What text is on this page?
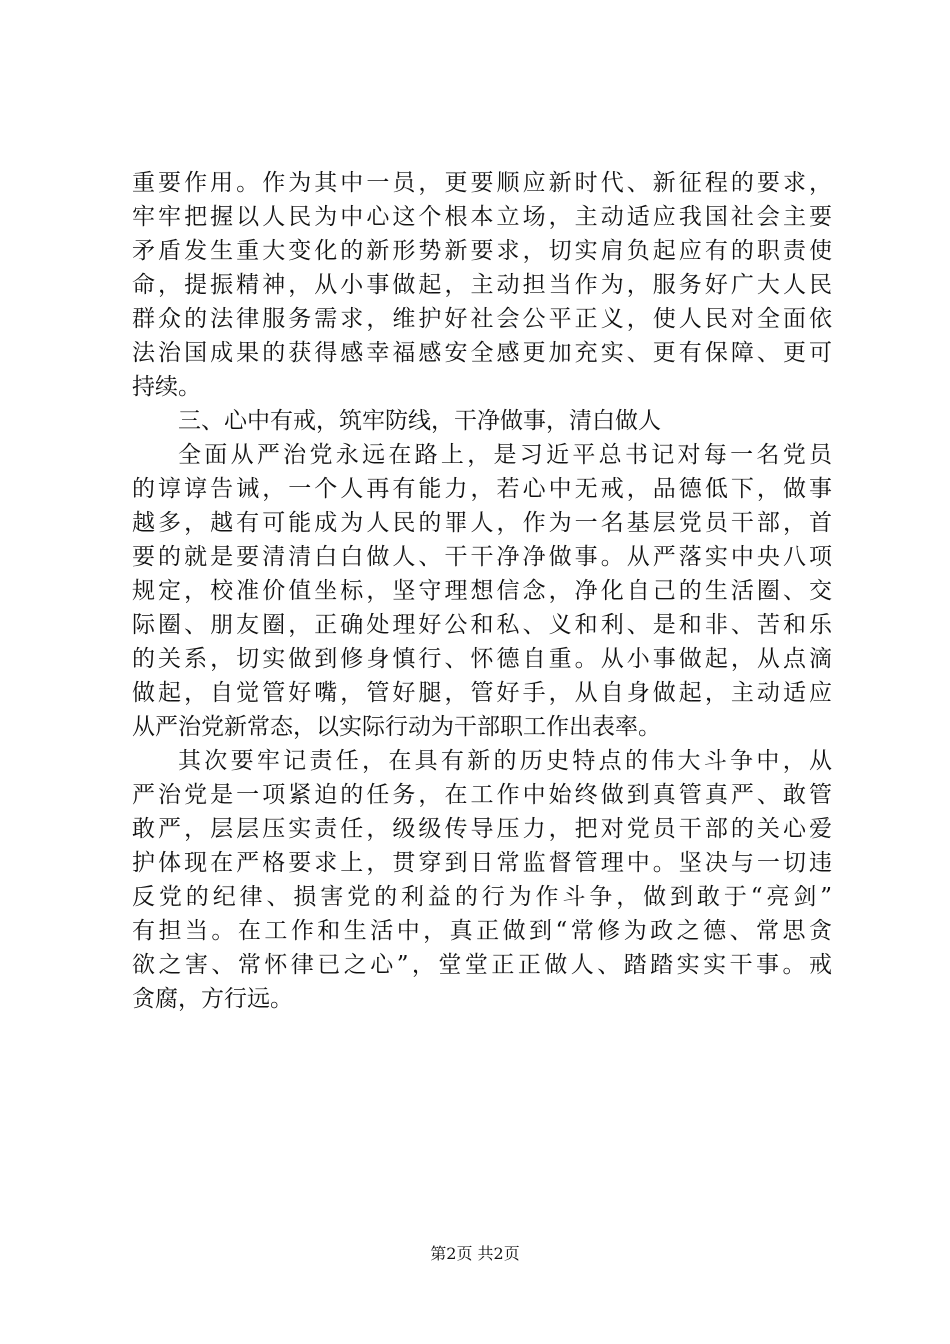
重要作用。作为其中一员，更要顺应新时代、新征程的要求，
牢牢把握以人民为中心这个根本立场，主动适应我国社会主要
矛盾发生重大变化的新形势新要求，切实肩负起应有的职责使
命，提振精神，从小事做起，主动担当作为，服务好广大人民
群众的法律服务需求，维护好社会公平正义，使人民对全面依
法治国成果的获得感幸福感安全感更加充实、更有保障、更可
持续。
三、心中有戒，筑牢防线，干净做事，清白做人
全面从严治党永远在路上，是习近平总书记对每一名党员
的谆谆告诫，一个人再有能力，若心中无戒，品德低下，做事
越多，越有可能成为人民的罪人，作为一名基层党员干部，首
要的就是要清清白白做人、干干净净做事。从严落实中央八项
规定，校准价值坐标，坚守理想信念，净化自己的生活圈、交
际圈、朋友圈，正确处理好公和私、义和利、是和非、苦和乐
的关系，切实做到修身慎行、怀德自重。从小事做起，从点滴
做起，自觉管好嘴，管好腿，管好手，从自身做起，主动适应
从严治党新常态，以实际行动为干部职工作出表率。
其次要牢记责任，在具有新的历史特点的伟大斗争中，从
严治党是一项紧迫的任务，在工作中始终做到真管真严、敢管
敢严，层层压实责任，级级传导压力，把对党员干部的关心爱
护体现在严格要求上，贯穿到日常监督管理中。坚决与一切违
反党的纪律、损害党的利益的行为作斗争，做到敢于“亮剑”
有担当。在工作和生活中，真正做到“常修为政之德、常思贪
欲之害、常怀律已之心”，堂堂正正做人、踏踏实实干事。戒
贪腐，方行远。
第2页 共2页
